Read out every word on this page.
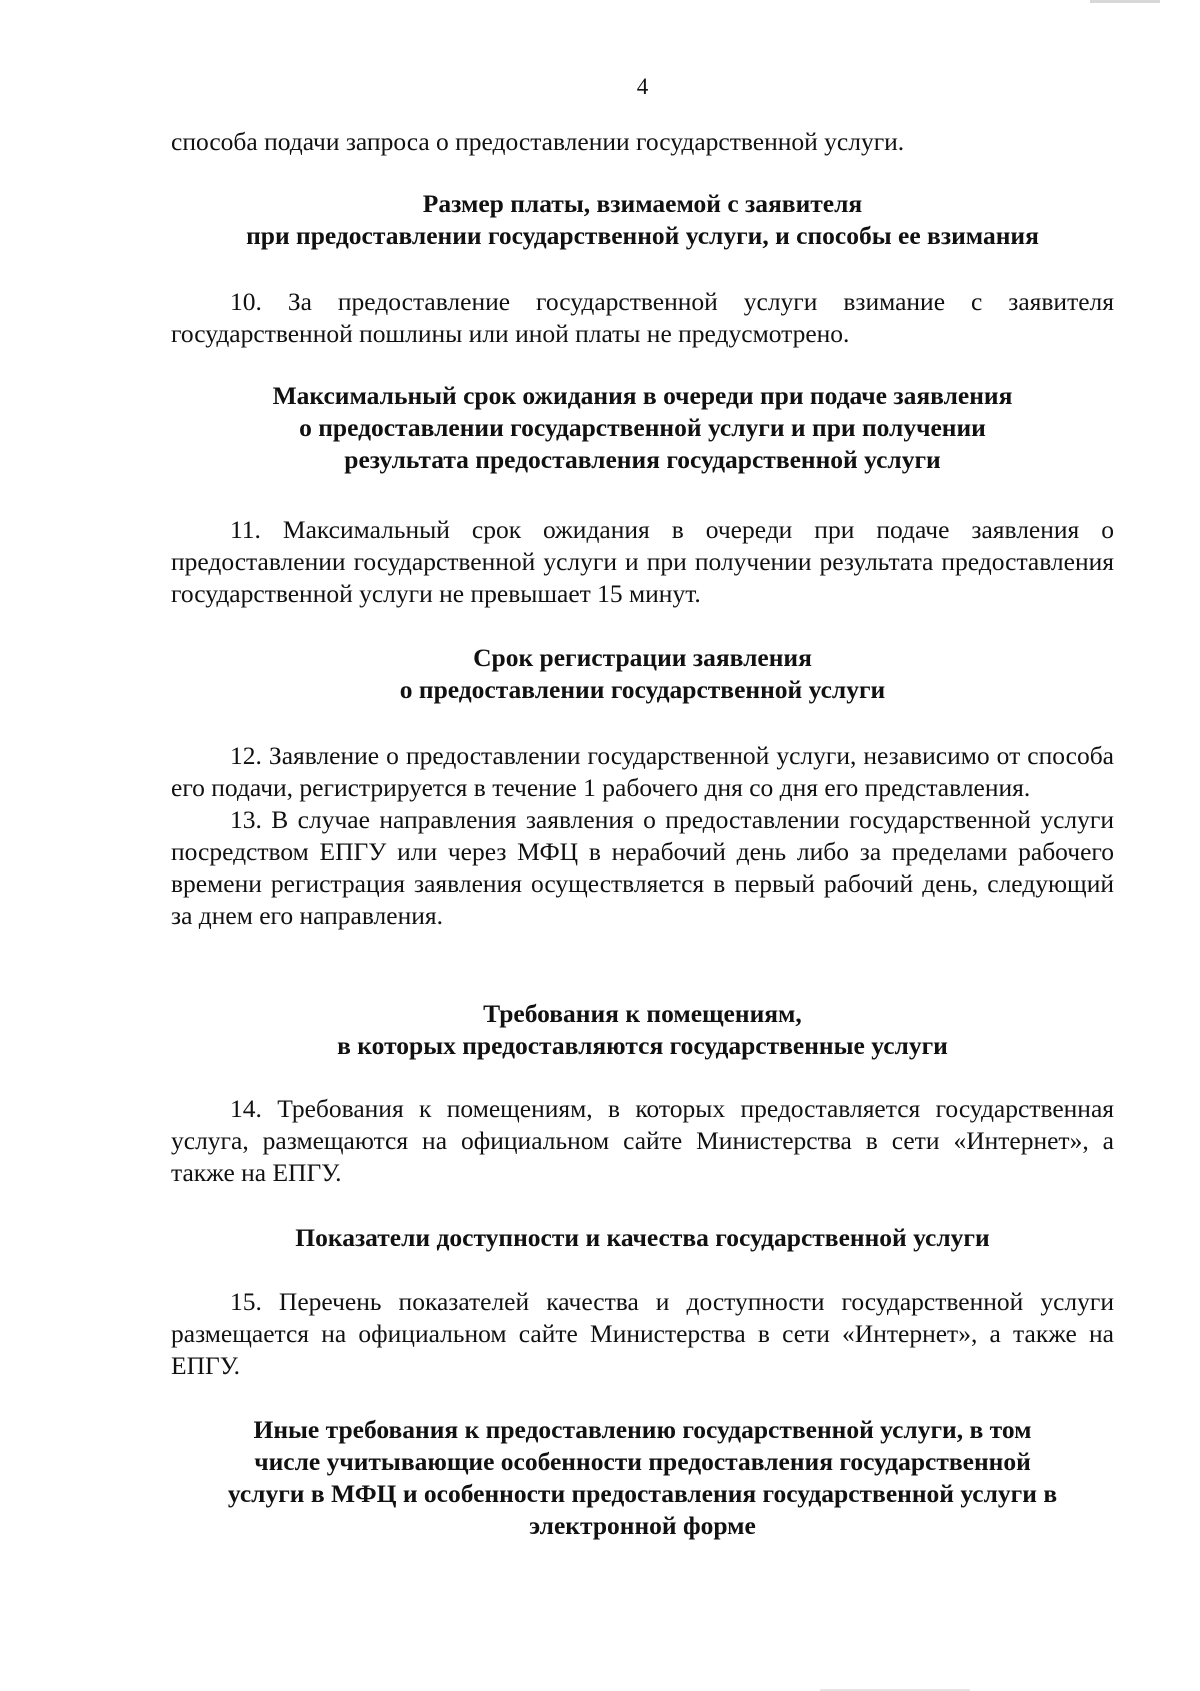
4

способа подачи запроса о предоставлении государственной услуги.

Размер платы, взимаемой с заявителя
при предоставлении государственной услуги, и способы ее взимания

10. За предоставление государственной услуги взимание с заявителя государственной пошлины или иной платы не предусмотрено.

Максимальный срок ожидания в очереди при подаче заявления
о предоставлении государственной услуги и при получении
результата предоставления государственной услуги

11. Максимальный срок ожидания в очереди при подаче заявления о предоставлении государственной услуги и при получении результата предоставления государственной услуги не превышает 15 минут.

Срок регистрации заявления
о предоставлении государственной услуги

12. Заявление о предоставлении государственной услуги, независимо от способа его подачи, регистрируется в течение 1 рабочего дня со дня его представления.

13. В случае направления заявления о предоставлении государственной услуги посредством ЕПГУ или через МФЦ в нерабочий день либо за пределами рабочего времени регистрация заявления осуществляется в первый рабочий день, следующий за днем его направления.

Требования к помещениям,
в которых предоставляются государственные услуги

14. Требования к помещениям, в которых предоставляется государственная услуга, размещаются на официальном сайте Министерства в сети «Интернет», а также на ЕПГУ.

Показатели доступности и качества государственной услуги

15. Перечень показателей качества и доступности государственной услуги размещается на официальном сайте Министерства в сети «Интернет», а также на ЕПГУ.

Иные требования к предоставлению государственной услуги, в том
числе учитывающие особенности предоставления государственной
услуги в МФЦ и особенности предоставления государственной услуги в
электронной форме
